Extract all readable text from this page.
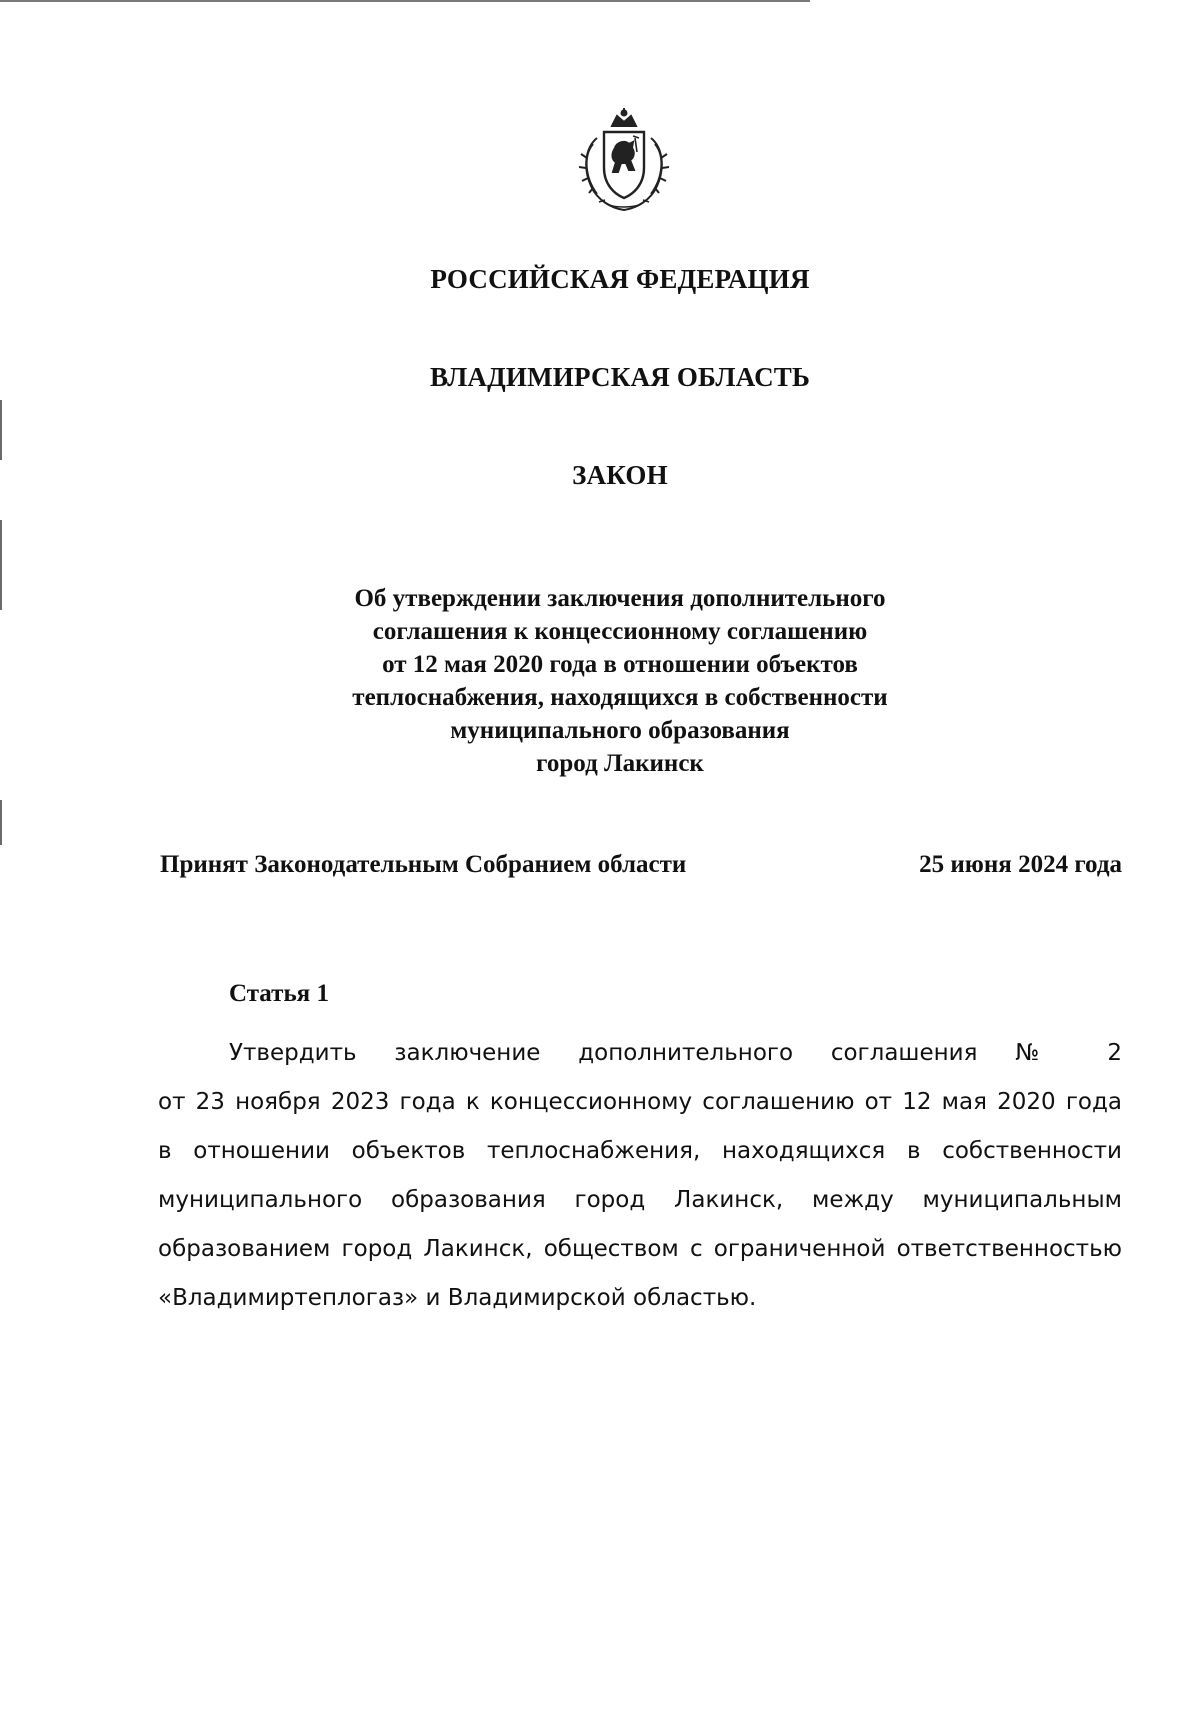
РОССИЙСКАЯ ФЕДЕРАЦИЯ
ВЛАДИМИРСКАЯ ОБЛАСТЬ
ЗАКОН
Об утверждении заключения дополнительного
соглашения к концессионному соглашению
от 12 мая 2020 года в отношении объектов
теплоснабжения, находящихся в собственности
муниципального образования
город Лакинск
Принят Законодательным Собранием области	25 июня 2024 года
Статья 1
Утвердить заключение дополнительного соглашения № 2
от 23 ноября 2023 года к концессионному соглашению от 12 мая 2020 года
в отношении объектов теплоснабжения, находящихся в собственности
муниципального образования город Лакинск, между муниципальным
образованием город Лакинск, обществом с ограниченной ответственностью
«Владимиртеплогаз» и Владимирской областью.
